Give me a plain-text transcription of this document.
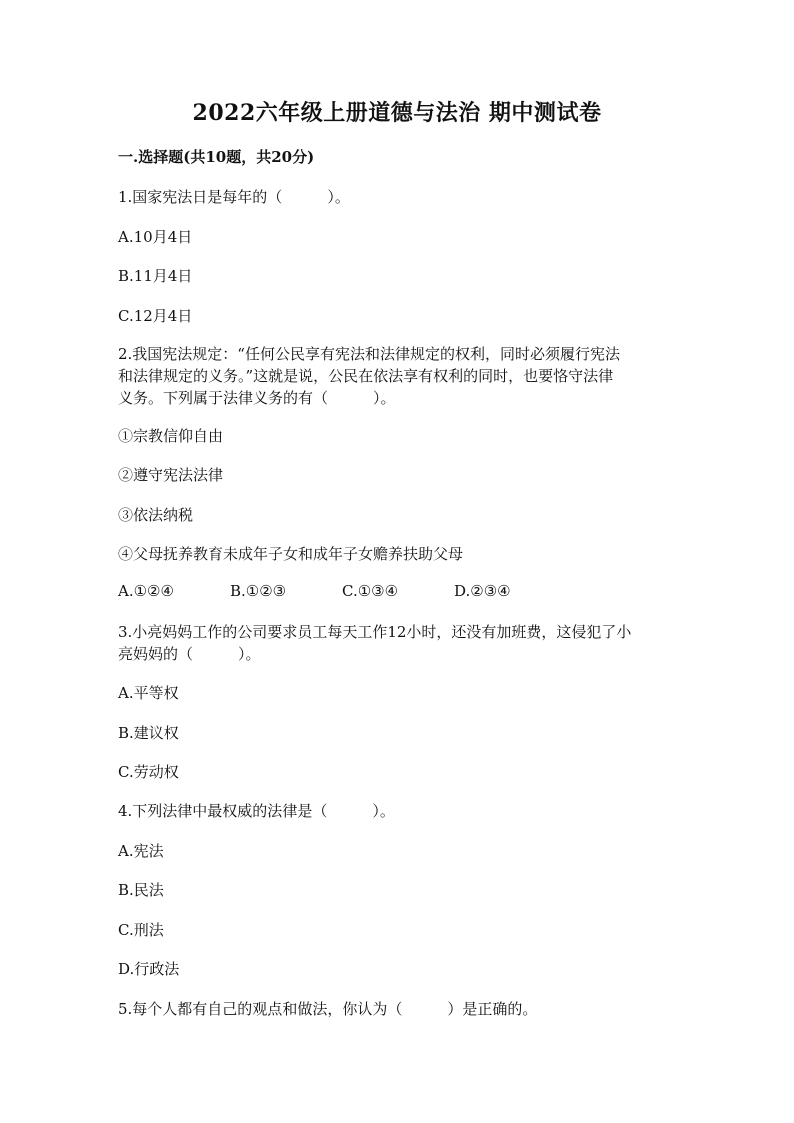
2022六年级上册道德与法治 期中测试卷
一.选择题(共10题，共20分)
1.国家宪法日是每年的（　　　）。
A.10月4日
B.11月4日
C.12月4日
2.我国宪法规定：“任何公民享有宪法和法律规定的权利，同时必须履行宪法
和法律规定的义务。”这就是说，公民在依法享有权利的同时，也要恪守法律
义务。下列属于法律义务的有（　　　）。
①宗教信仰自由
②遵守宪法法律
③依法纳税
④父母抚养教育未成年子女和成年子女赡养扶助父母
A.①②④	B.①②③	C.①③④	D.②③④
3.小亮妈妈工作的公司要求员工每天工作12小时，还没有加班费，这侵犯了小
亮妈妈的（　　　）。
A.平等权
B.建议权
C.劳动权
4.下列法律中最权威的法律是（　　　）。
A.宪法
B.民法
C.刑法
D.行政法
5.每个人都有自己的观点和做法，你认为（　　　）是正确的。
